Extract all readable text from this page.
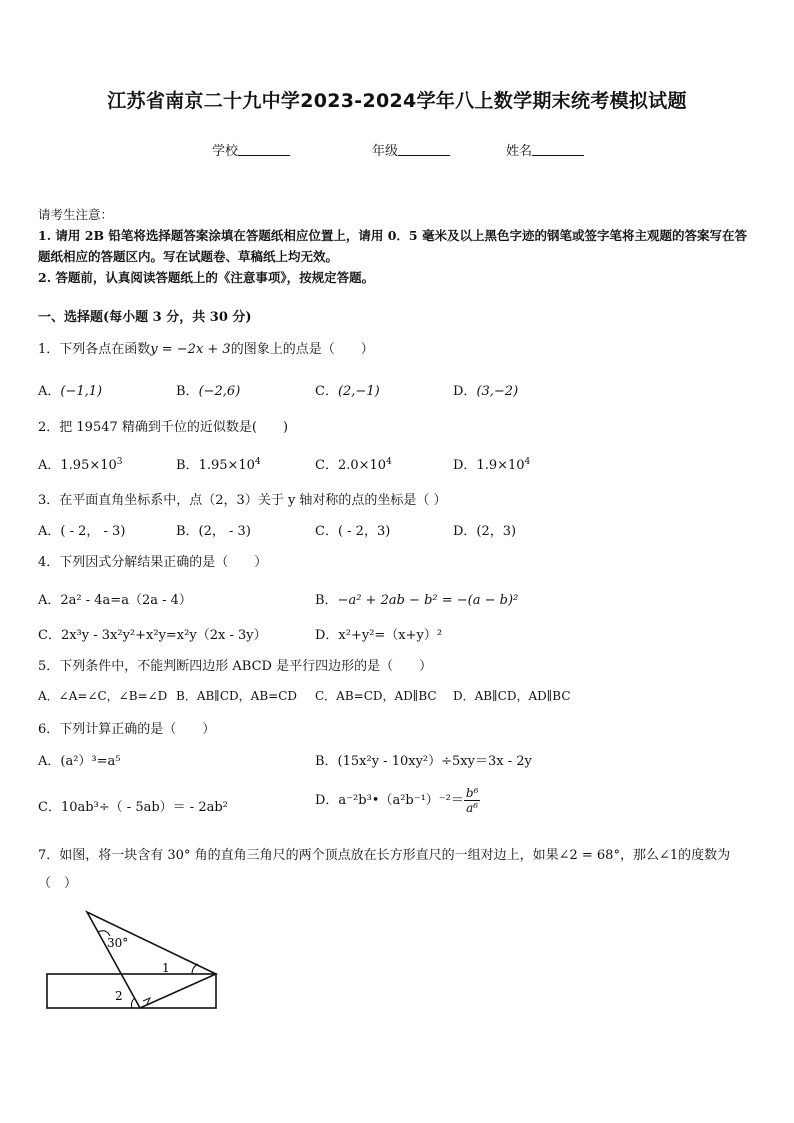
江苏省南京二十九中学2023-2024学年八上数学期末统考模拟试题
学校	年级	姓名
请考生注意：
1. 请用 2B 铅笔将选择题答案涂填在答题纸相应位置上，请用 0．5 毫米及以上黑色字迹的钢笔或签字笔将主观题的答案写在答题纸相应的答题区内。写在试题卷、草稿纸上均无效。
2. 答题前，认真阅读答题纸上的《注意事项》，按规定答题。
一、选择题(每小题 3 分，共 30 分)
1．下列各点在函数y = −2x + 3的图象上的点是（　　）
A．(−1,1)	B．(−2,6)	C．(2,−1)	D．(3,−2)
2．把 19547 精确到千位的近似数是(　　)
A．$1.95\times 10^3$	B．$1.95\times 10^4$	C．$2.0\times 10^4$	D．$1.9\times 10^4$
3．在平面直角坐标系中，点（2，3）关于 y 轴对称的点的坐标是（ ）
A．( - 2， - 3)	B．(2， - 3)	C．( - 2，3)	D．(2，3)
4．下列因式分解结果正确的是（　　）
A．2a² - 4a=a（2a - 4）	B．−a² + 2ab − b² = −(a − b)²
C．2x³y - 3x²y²+x²y=x²y（2x - 3y）	D．x²+y²=（x+y）²
5．下列条件中，不能判断四边形 ABCD 是平行四边形的是（　　）
A．∠A=∠C，∠B=∠D B．AB∥CD，AB=CD C．AB=CD，AD∥BC D．AB∥CD，AD∥BC
6．下列计算正确的是（　　）
A．(a²）³=a⁵	B．(15x²y - 10xy²）÷5xy＝3x - 2y
C．10ab³÷（ - 5ab）＝ - 2ab²	D．a⁻²b³•（a²b⁻¹）⁻²＝ $\frac{\text{b⁶}}{\text{a⁶}}$
7．如图，将一块含有 30° 角的直角三角尺的两个顶点放在长方形直尺的一组对边上，如果∠2 = 68°，那么∠1的度数为（　）
30°
1
2
